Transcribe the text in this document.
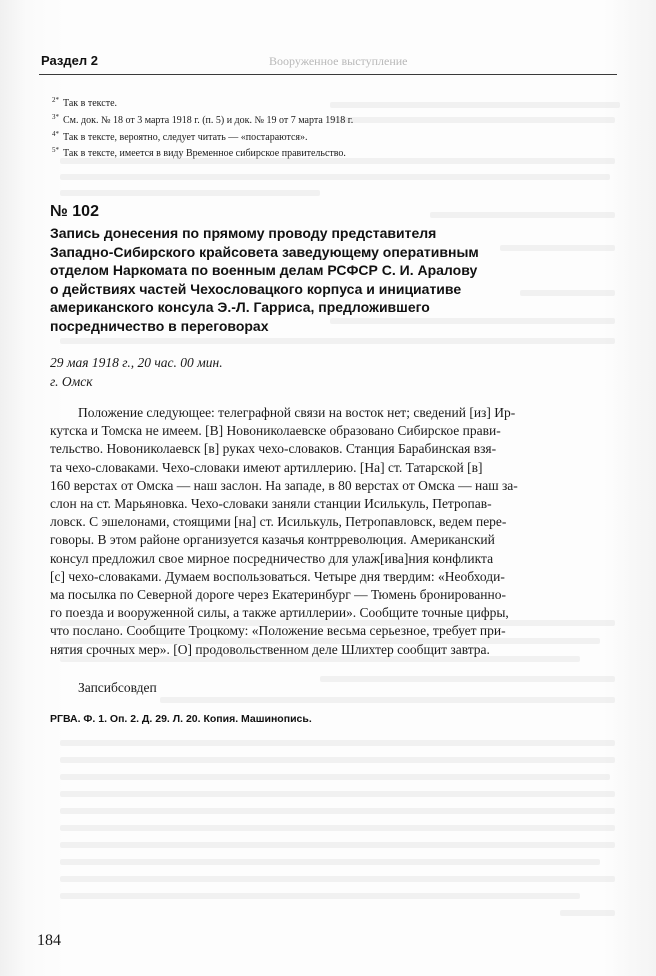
Раздел 2	Вооруженное выступление
$^{2*}$ Так в тексте.
$^{3*}$ См. док. № 18 от 3 марта 1918 г. (п. 5) и док. № 19 от 7 марта 1918 г.
$^{4*}$ Так в тексте, вероятно, следует читать — «постараются».
$^{5*}$ Так в тексте, имеется в виду Временное сибирское правительство.
№ 102
Запись донесения по прямому проводу представителя
Западно-Сибирского крайсовета заведующему оперативным
отделом Наркомата по военным делам РСФСР С. И. Аралову
о действиях частей Чехословацкого корпуса и инициативе
американского консула Э.-Л. Гарриса, предложившего
посредничество в переговорах
29 мая 1918 г., 20 час. 00 мин.
г. Омск
Положение следующее: телеграфной связи на восток нет; сведений [из] Ир-
кутска и Томска не имеем. [В] Новониколаевске образовано Сибирское прави-
тельство. Новониколаевск [в] руках чехо-словаков. Станция Барабинская взя-
та чехо-словаками. Чехо-словаки имеют артиллерию. [На] ст. Татарской [в]
160 верстах от Омска — наш заслон. На западе, в 80 верстах от Омска — наш за-
слон на ст. Марьяновка. Чехо-словаки заняли станции Исилькуль, Петропав-
ловск. С эшелонами, стоящими [на] ст. Исилькуль, Петропавловск, ведем пере-
говоры. В этом районе организуется казачья контрреволюция. Американский
консул предложил свое мирное посредничество для улаж[ива]ния конфликта
[с] чехо-словаками. Думаем воспользоваться. Четыре дня твердим: «Необходи-
ма посылка по Северной дороге через Екатеринбург — Тюмень бронированно-
го поезда и вооруженной силы, а также артиллерии». Сообщите точные цифры,
что послано. Сообщите Троцкому: «Положение весьма серьезное, требует при-
нятия срочных мер». [О] продовольственном деле Шлихтер сообщит завтра.
Запсибсовдеп
РГВА. Ф. 1. Оп. 2. Д. 29. Л. 20. Копия. Машинопись.
184
